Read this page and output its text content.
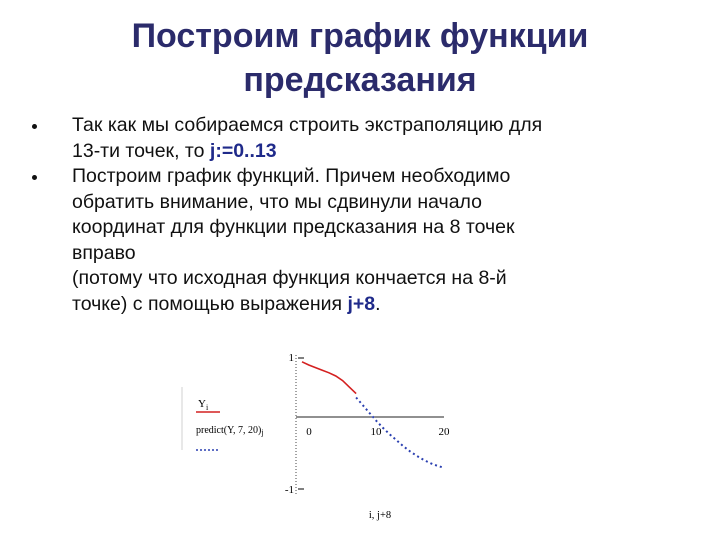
Построим график функции
предсказания
Так как мы собираемся строить экстраполяцию для
13-ти точек, то j:=0..13
Построим график функций. Причем необходимо
обратить внимание, что мы сдвинули начало
координат для функции предсказания на 8 точек
вправо
(потому что исходная функция кончается на 8-й
точке) с помощью выражения j+8.
1
-1
0	10	20
i, j+8
$Y_i$
predict(Y, 7, $20)_j$
